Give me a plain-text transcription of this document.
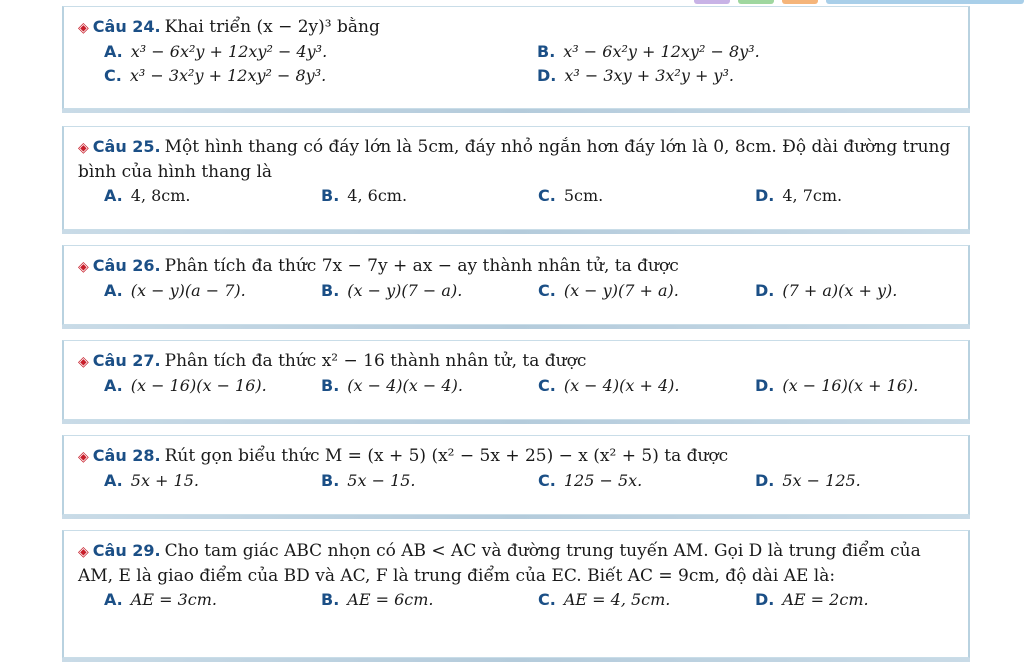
◈ Câu 24. Khai triển (x − 2y)³ bằng
A. x³ − 6x²y + 12xy² − 4y³.	B. x³ − 6x²y + 12xy² − 8y³.
C. x³ − 3x²y + 12xy² − 8y³.	D. x³ − 3xy + 3x²y + y³.
◈ Câu 25. Một hình thang có đáy lớn là 5cm, đáy nhỏ ngắn hơn đáy lớn là 0, 8cm. Độ dài đường trung bình của hình thang là
A. 4, 8cm.	B. 4, 6cm.	C. 5cm.	D. 4, 7cm.
◈ Câu 26. Phân tích đa thức 7x − 7y + ax − ay thành nhân tử, ta được
A. (x − y)(a − 7).	B. (x − y)(7 − a).	C. (x − y)(7 + a).	D. (7 + a)(x + y).
◈ Câu 27. Phân tích đa thức x² − 16 thành nhân tử, ta được
A. (x − 16)(x − 16).	B. (x − 4)(x − 4).	C. (x − 4)(x + 4).	D. (x − 16)(x + 16).
◈ Câu 28. Rút gọn biểu thức M = (x + 5) (x² − 5x + 25) − x (x² + 5) ta được
A. 5x + 15.	B. 5x − 15.	C. 125 − 5x.	D. 5x − 125.
◈ Câu 29. Cho tam giác ABC nhọn có AB < AC và đường trung tuyến AM. Gọi D là trung điểm của AM, E là giao điểm của BD và AC, F là trung điểm của EC. Biết AC = 9cm, độ dài AE là:
A. AE = 3cm.	B. AE = 6cm.	C. AE = 4, 5cm.	D. AE = 2cm.
